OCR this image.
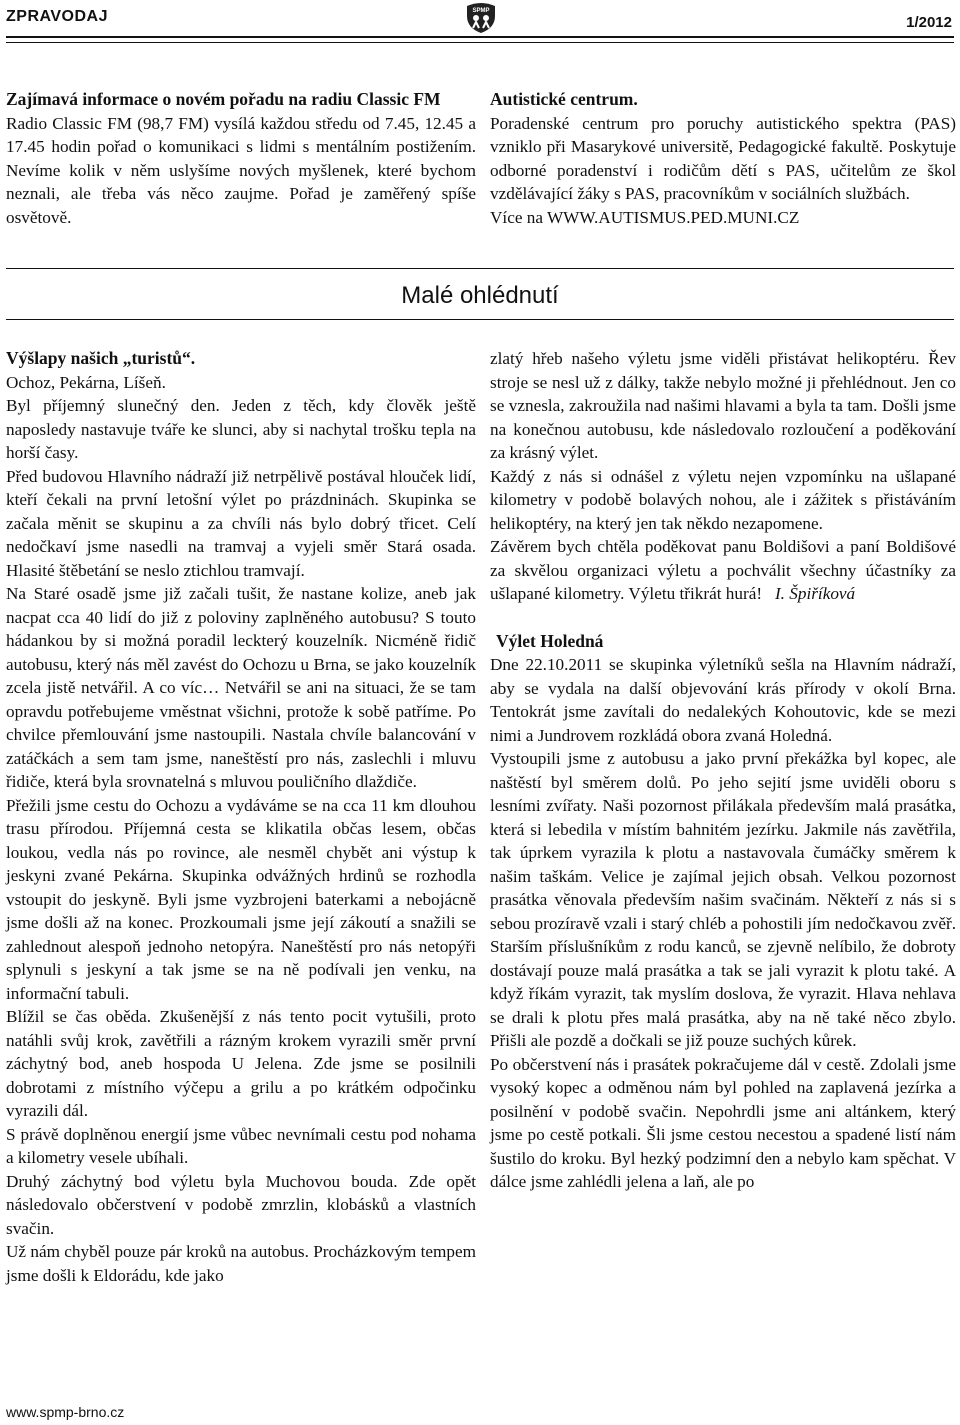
ZPRAVODAJ	SPMP
1/2012
Zajímavá informace o novém pořadu na radiu Classic FM

Radio Classic FM (98,7 FM) vysílá každou středu od 7.45, 12.45 a 17.45 hodin pořad o komunikaci s lidmi s mentálním postižením. Nevíme kolik v něm uslyšíme nových myšlenek, které bychom neznali, ale třeba vás něco zaujme. Pořad je zaměřený spíše osvětově.

Autistické centrum.

Poradenské centrum pro poruchy autistického spektra (PAS) vzniklo při Masarykové universitě, Pedagogické fakultě. Poskytuje odborné poradenství i rodičům dětí s PAS, učitelům ze škol vzdělávající žáky s PAS, pracovníkům v sociálních službách.

Více na WWW.AUTISMUS.PED.MUNI.CZ

Malé ohlédnutí
Výšlapy našich „turistů“.

Ochoz, Pekárna, Líšeň.

Byl příjemný slunečný den. Jeden z těch, kdy člověk ještě naposledy nastavuje tváře ke slunci, aby si nachytal trošku tepla na horší časy.

Před budovou Hlavního nádraží již netrpělivě postával hlouček lidí, kteří čekali na první letošní výlet po prázdninách. Skupinka se začala měnit se skupinu a za chvíli nás bylo dobrý třicet. Celí nedočkaví jsme nasedli na tramvaj a vyjeli směr Stará osada. Hlasité štěbetání se neslo ztichlou tramvají.

Na Staré osadě jsme již začali tušit, že nastane kolize, aneb jak nacpat cca 40 lidí do již z poloviny zaplněného autobusu? S touto hádankou by si možná poradil leckterý kouzelník. Nicméně řidič autobusu, který nás měl zavést do Ochozu u Brna, se jako kouzelník zcela jistě netvářil. A co víc… Netvářil se ani na situaci, že se tam opravdu potřebujeme vměstnat všichni, protože k sobě patříme. Po chvilce přemlouvání jsme nastoupili. Nastala chvíle balancování v zatáčkách a sem tam jsme, naneštěstí pro nás, zaslechli i mluvu řidiče, která byla srovnatelná s mluvou pouličního dlaždiče.

Přežili jsme cestu do Ochozu a vydáváme se na cca 11 km dlouhou trasu přírodou. Příjemná cesta se klikatila občas lesem, občas loukou, vedla nás po rovince, ale nesměl chybět ani výstup k jeskyni zvané Pekárna. Skupinka odvážných hrdinů se rozhodla vstoupit do jeskyně. Byli jsme vyzbrojeni baterkami a nebojácně jsme došli až na konec. Prozkoumali jsme její zákoutí a snažili se zahlednout alespoň jednoho netopýra. Naneštěstí pro nás netopýři splynuli s jeskyní a tak jsme se na ně podívali jen venku, na informační tabuli.

Blížil se čas oběda. Zkušenější z nás tento pocit vytušili, proto natáhli svůj krok, zavětřili a rázným krokem vyrazili směr první záchytný bod, aneb hospoda U Jelena. Zde jsme se posilnili dobrotami z místního výčepu a grilu a po krátkém odpočinku vyrazili dál.

S právě doplněnou energií jsme vůbec nevnímali cestu pod nohama a kilometry vesele ubíhali.

Druhý záchytný bod výletu byla Muchovou bouda. Zde opět následovalo občerstvení v podobě zmrzlin, klobásků a vlastních svačin.

Už nám chyběl pouze pár kroků na autobus. Procházkovým tempem jsme došli k Eldorádu, kde jako

zlatý hřeb našeho výletu jsme viděli přistávat helikoptéru. Řev stroje se nesl už z dálky, takže nebylo možné ji přehlédnout. Jen co se vznesla, zakroužila nad našimi hlavami a byla ta tam. Došli jsme na konečnou autobusu, kde následovalo rozloučení a poděkování za krásný výlet.

Každý z nás si odnášel z výletu nejen vzpomínku na ušlapané kilometry v podobě bolavých nohou, ale i zážitek s přistáváním helikoptéry, na který jen tak někdo nezapomene.

Závěrem bych chtěla poděkovat panu Boldišovi a paní Boldišové za skvělou organizaci výletu a pochválit všechny účastníky za ušlapané kilometry. Výletu třikrát hurá! I. Špiříková

Výlet Holedná

Dne 22.10.2011 se skupinka výletníků sešla na Hlavním nádraží, aby se vydala na další objevování krás přírody v okolí Brna. Tentokrát jsme zavítali do nedalekých Kohoutovic, kde se mezi nimi a Jundrovem rozkládá obora zvaná Holedná.

Vystoupili jsme z autobusu a jako první překážka byl kopec, ale naštěstí byl směrem dolů. Po jeho sejití jsme uviděli oboru s lesními zvířaty. Naši pozornost přilákala především malá prasátka, která si lebedila v místím bahnitém jezírku. Jakmile nás zavětřila, tak úprkem vyrazila k plotu a nastavovala čumáčky směrem k našim taškám. Velice je zajímal jejich obsah. Velkou pozornost prasátka věnovala především našim svačinám. Někteří z nás si s sebou prozíravě vzali i starý chléb a pohostili jím nedočkavou zvěř. Starším příslušníkům z rodu kanců, se zjevně nelíbilo, že dobroty dostávají pouze malá prasátka a tak se jali vyrazit k plotu také. A když říkám vyrazit, tak myslím doslova, že vyrazit. Hlava nehlava se drali k plotu přes malá prasátka, aby na ně také něco zbylo. Přišli ale pozdě a dočkali se již pouze suchých kůrek.

Po občerstvení nás i prasátek pokračujeme dál v cestě. Zdolali jsme vysoký kopec a odměnou nám byl pohled na zaplavená jezírka a posilnění v podobě svačin. Nepohrdli jsme ani altánkem, který jsme po cestě potkali. Šli jsme cestou necestou a spadené listí nám šustilo do kroku. Byl hezký podzimní den a nebylo kam spěchat. V dálce jsme zahlédli jelena a laň, ale po

www.spmp-brno.cz
